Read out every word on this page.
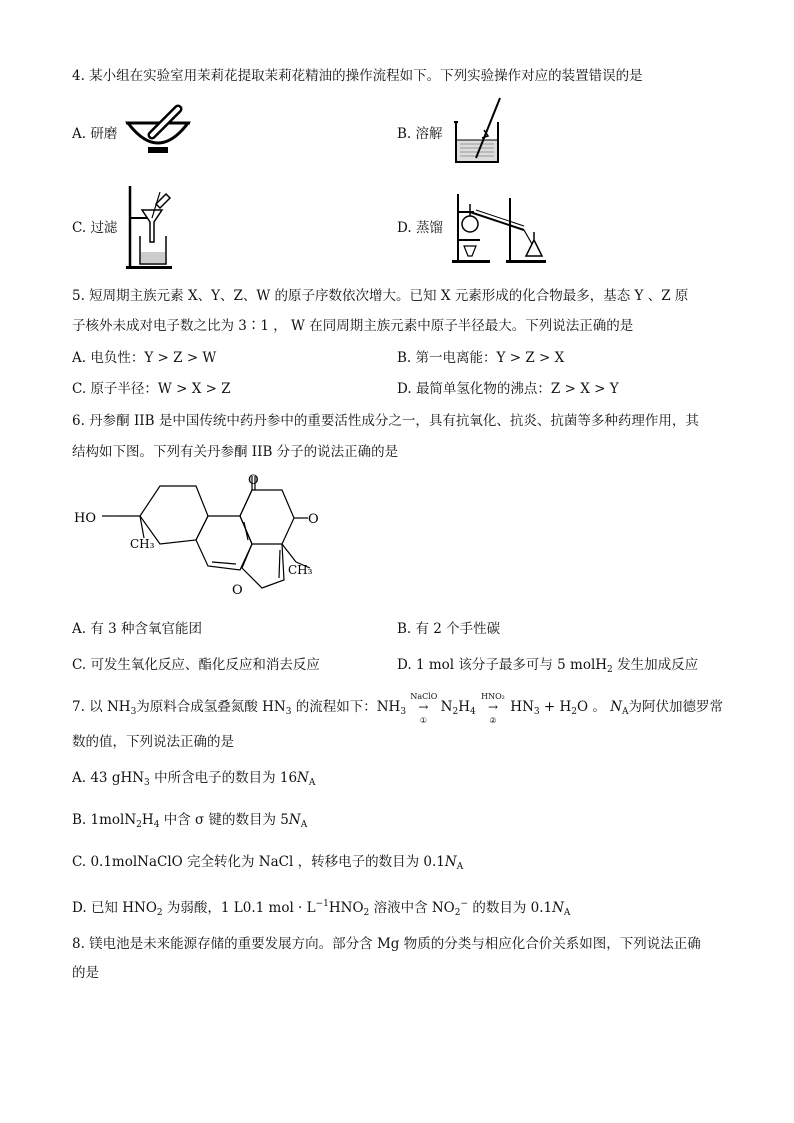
4. 某小组在实验室用茉莉花提取茉莉花精油的操作流程如下。下列实验操作对应的装置错误的是
A. 研磨	B. 溶解
C. 过滤	D. 蒸馏
5. 短周期主族元素 X、Y、Z、W 的原子序数依次增大。已知 X 元素形成的化合物最多，基态 Y 、Z 原
子核外未成对电子数之比为 3∶1 ， W 在同周期主族元素中原子半径最大。下列说法正确的是
A. 电负性：Y > Z > W	B. 第一电离能：Y > Z > X
C. 原子半径：W > X > Z	D. 最简单氢化物的沸点：Z > X > Y
6. 丹参酮 IIB 是中国传统中药丹参中的重要活性成分之一，具有抗氧化、抗炎、抗菌等多种药理作用，其
结构如下图。下列有关丹参酮 IIB 分子的说法正确的是
HO
CH₃
O
O
O
CH₃
A. 有 3 种含氧官能团	B. 有 2 个手性碳
C. 可发生氧化反应、酯化反应和消去反应	D. 1 mol 该分子最多可与 5 molH$_2$ 发生加成反应
7. 以 $NH_3$为原料合成氢叠氮酸 $HN_3$ 的流程如下：$NH_3$
NaClO
→
①
$N_2H_4$
HNO₂
→
②
$HN_3 + H_2O$ 。 $N_A$为阿伏加德罗常
数的值，下列说法正确的是
A. 43 gHN$_3$ 中所含电子的数目为 $16N_A$
B. $1molN_2H_4$ 中含 σ 键的数目为 $5N_A$
C. 0.1molNaClO 完全转化为 NaCl ，转移电子的数目为 $0.1N_A$
D. 已知 $HNO_2$ 为弱酸，1 L0.1 mol · $L^{-1}HNO_2$ 溶液中含 $NO_2^-$ 的数目为 $0.1N_A$
8. 镁电池是未来能源存储的重要发展方向。部分含 Mg 物质的分类与相应化合价关系如图，下列说法正确
的是
